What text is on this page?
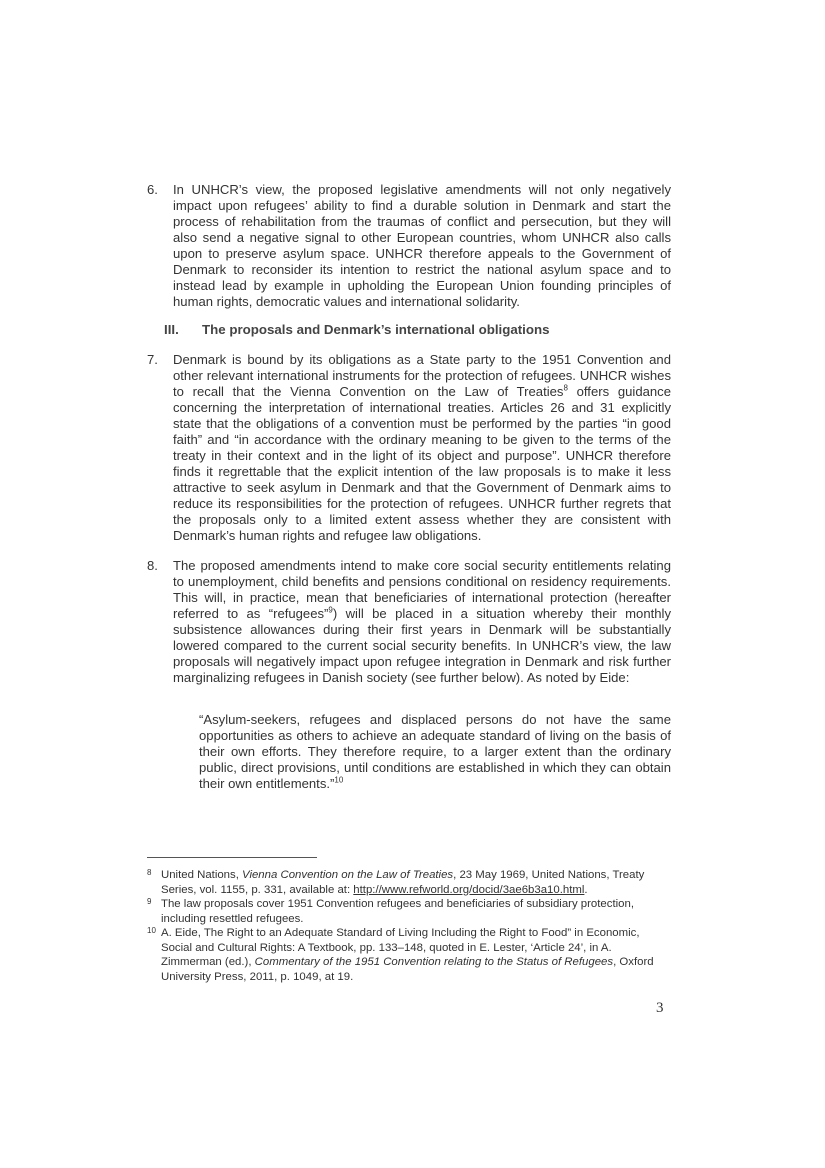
6. In UNHCR’s view, the proposed legislative amendments will not only negatively impact upon refugees’ ability to find a durable solution in Denmark and start the process of rehabilitation from the traumas of conflict and persecution, but they will also send a negative signal to other European countries, whom UNHCR also calls upon to preserve asylum space. UNHCR therefore appeals to the Government of Denmark to reconsider its intention to restrict the national asylum space and to instead lead by example in upholding the European Union founding principles of human rights, democratic values and international solidarity.
III. The proposals and Denmark’s international obligations
7. Denmark is bound by its obligations as a State party to the 1951 Convention and other relevant international instruments for the protection of refugees. UNHCR wishes to recall that the Vienna Convention on the Law of Treaties$^8$ offers guidance concerning the interpretation of international treaties. Articles 26 and 31 explicitly state that the obligations of a convention must be performed by the parties “in good faith” and “in accordance with the ordinary meaning to be given to the terms of the treaty in their context and in the light of its object and purpose”. UNHCR therefore finds it regrettable that the explicit intention of the law proposals is to make it less attractive to seek asylum in Denmark and that the Government of Denmark aims to reduce its responsibilities for the protection of refugees. UNHCR further regrets that the proposals only to a limited extent assess whether they are consistent with Denmark’s human rights and refugee law obligations.
8. The proposed amendments intend to make core social security entitlements relating to unemployment, child benefits and pensions conditional on residency requirements. This will, in practice, mean that beneficiaries of international protection (hereafter referred to as “refugees”$^9$) will be placed in a situation whereby their monthly subsistence allowances during their first years in Denmark will be substantially lowered compared to the current social security benefits. In UNHCR’s view, the law proposals will negatively impact upon refugee integration in Denmark and risk further marginalizing refugees in Danish society (see further below). As noted by Eide:
“Asylum-seekers, refugees and displaced persons do not have the same opportunities as others to achieve an adequate standard of living on the basis of their own efforts. They therefore require, to a larger extent than the ordinary public, direct provisions, until conditions are established in which they can obtain their own entitlements.”$^{10}$
8 United Nations, Vienna Convention on the Law of Treaties, 23 May 1969, United Nations, Treaty Series, vol. 1155, p. 331, available at: http://www.refworld.org/docid/3ae6b3a10.html.
9 The law proposals cover 1951 Convention refugees and beneficiaries of subsidiary protection, including resettled refugees.
10 A. Eide, The Right to an Adequate Standard of Living Including the Right to Food” in Economic, Social and Cultural Rights: A Textbook, pp. 133–148, quoted in E. Lester, ‘Article 24’, in A. Zimmerman (ed.), Commentary of the 1951 Convention relating to the Status of Refugees, Oxford University Press, 2011, p. 1049, at 19.
3
